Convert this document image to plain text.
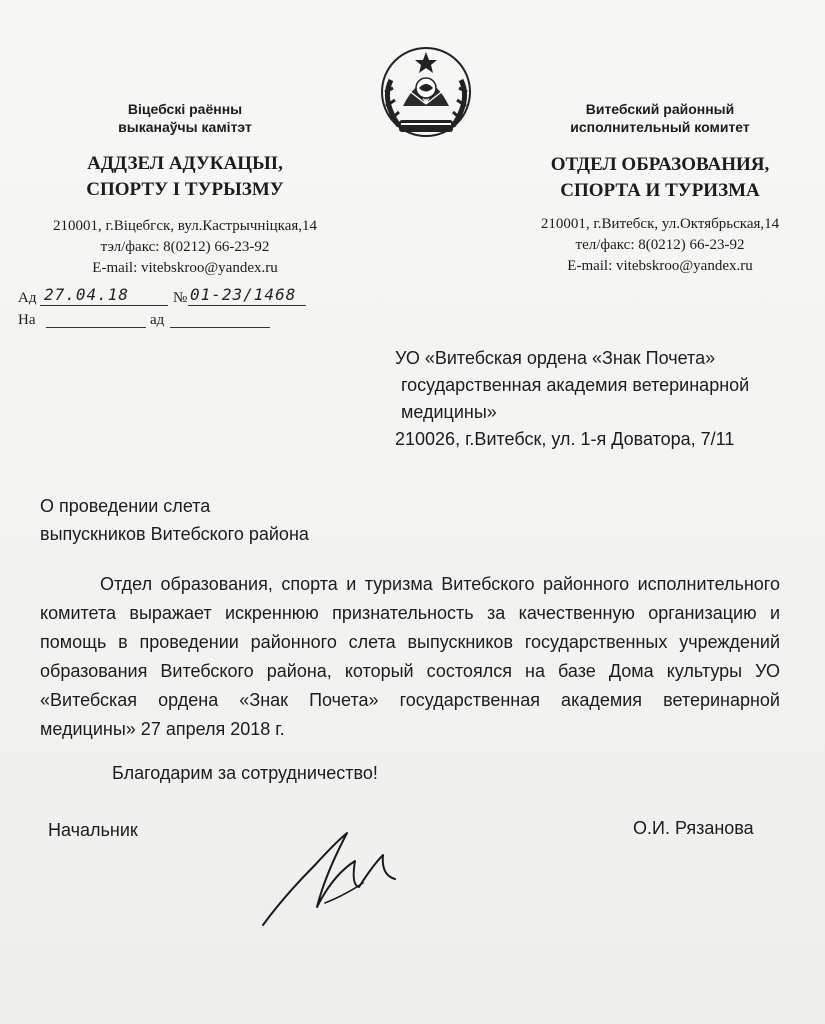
Віцебскі раённы
выканаўчы камітэт
АДДЗЕЛ АДУКАЦЫІ,
СПОРТУ І ТУРЫЗМУ
210001, г.Віцебгск, вул.Кастрычніцкая,14
тэл/факс: 8(0212) 66-23-92
E-mail: vitebskroo@yandex.ru
Витебский районный
исполнительный комитет
ОТДЕЛ ОБРАЗОВАНИЯ,
СПОРТА И ТУРИЗМА
210001, г.Витебск, ул.Октябрьская,14
тел/факс: 8(0212) 66-23-92
E-mail: vitebskroo@yandex.ru
Ад 27.04.18	№ 01-23/1468
На	ад
УО «Витебская ордена «Знак Почета»
государственная академия ветеринарной
медицины»
210026, г.Витебск, ул. 1-я Доватора, 7/11
О проведении слета
выпускников Витебского района
Отдел образования, спорта и туризма Витебского районного исполнительного комитета выражает искреннюю признательность за качественную организацию и помощь в проведении районного слета выпускников государственных учреждений образования Витебского района, который состоялся на базе Дома культуры УО «Витебская ордена «Знак Почета» государственная академия ветеринарной медицины» 27 апреля 2018 г.
Благодарим за сотрудничество!
Начальник	О.И. Рязанова
